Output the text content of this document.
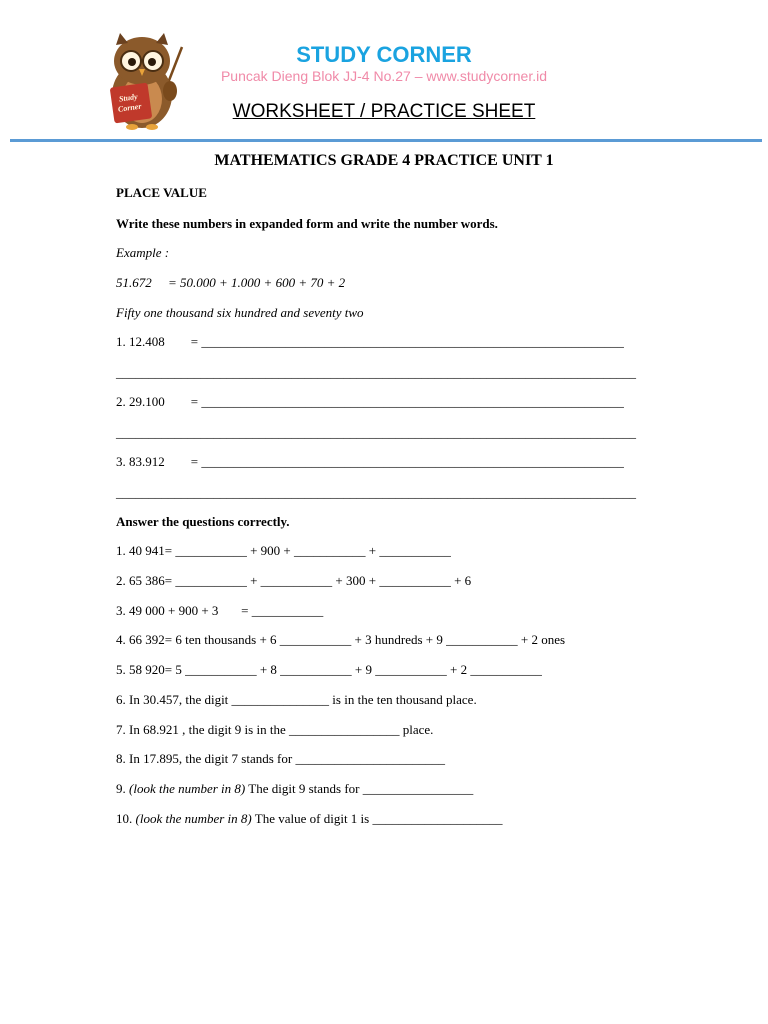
Study
Corner
STUDY CORNER
Puncak Dieng Blok JJ-4 No.27 – www.studycorner.id
WORKSHEET / PRACTICE SHEET
MATHEMATICS GRADE 4 PRACTICE UNIT 1
PLACE VALUE
Write these numbers in expanded form and write the number words.
Example :
51.672     = 50.000 + 1.000 + 600 + 70 + 2
Fifty one thousand six hundred and seventy two
1. 12.408        = _________________________________________________________________
________________________________________________________________________________
2. 29.100        = _________________________________________________________________
________________________________________________________________________________
3. 83.912        = _________________________________________________________________
________________________________________________________________________________
Answer the questions correctly.
1. 40 941= ___________ + 900 + ___________ + ___________
2. 65 386= ___________ + ___________ + 300 + ___________ + 6
3. 49 000 + 900 + 3       = ___________
4. 66 392= 6 ten thousands + 6 ___________ + 3 hundreds + 9 ___________ + 2 ones
5. 58 920= 5 ___________ + 8 ___________ + 9 ___________ + 2 ___________
6. In 30.457, the digit _______________ is in the ten thousand place.
7. In 68.921 , the digit 9 is in the _________________ place.
8. In 17.895, the digit 7 stands for _______________________
9. (look the number in 8) The digit 9 stands for _________________
10. (look the number in 8) The value of digit 1 is ____________________
